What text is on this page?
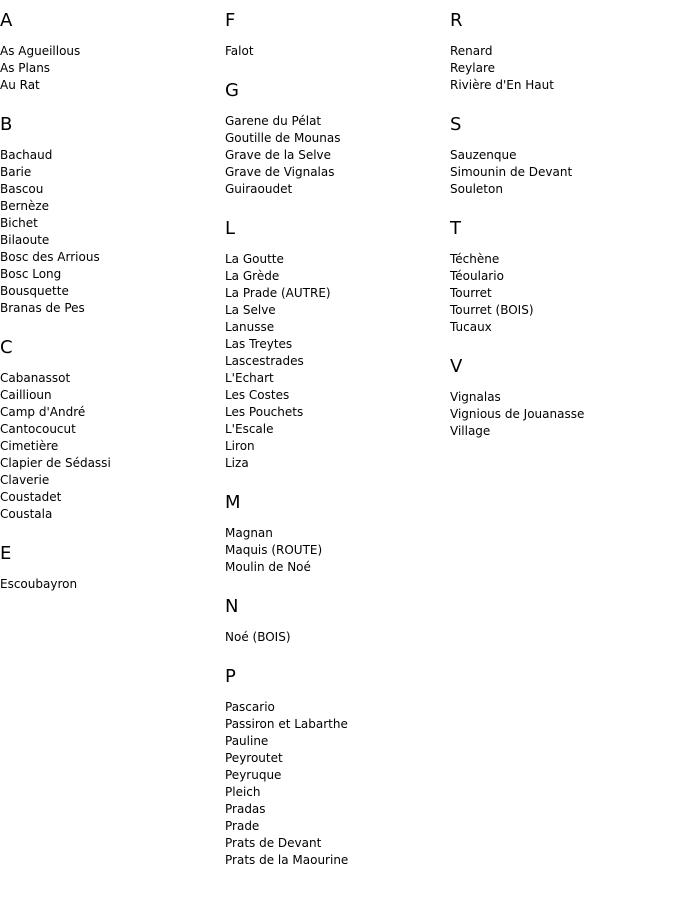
A
As Agueillous
As Plans
Au Rat
B
Bachaud
Barie
Bascou
Bernèze
Bichet
Bilaoute
Bosc des Arrious
Bosc Long
Bousquette
Branas de Pes
C
Cabanassot
Caillioun
Camp d'André
Cantocoucut
Cimetière
Clapier de Sédassi
Claverie
Coustadet
Coustala
E
Escoubayron
F
Falot
G
Garene du Pélat
Goutille de Mounas
Grave de la Selve
Grave de Vignalas
Guiraoudet
L
La Goutte
La Grède
La Prade (AUTRE)
La Selve
Lanusse
Las Treytes
Lascestrades
L'Echart
Les Costes
Les Pouchets
L'Escale
Liron
Liza
M
Magnan
Maquis (ROUTE)
Moulin de Noé
N
Noé (BOIS)
P
Pascario
Passiron et Labarthe
Pauline
Peyroutet
Peyruque
Pleich
Pradas
Prade
Prats de Devant
Prats de la Maourine
R
Renard
Reylare
Rivière d'En Haut
S
Sauzenque
Simounin de Devant
Souleton
T
Téchène
Téoulario
Tourret
Tourret (BOIS)
Tucaux
V
Vignalas
Vignious de Jouanasse
Village
